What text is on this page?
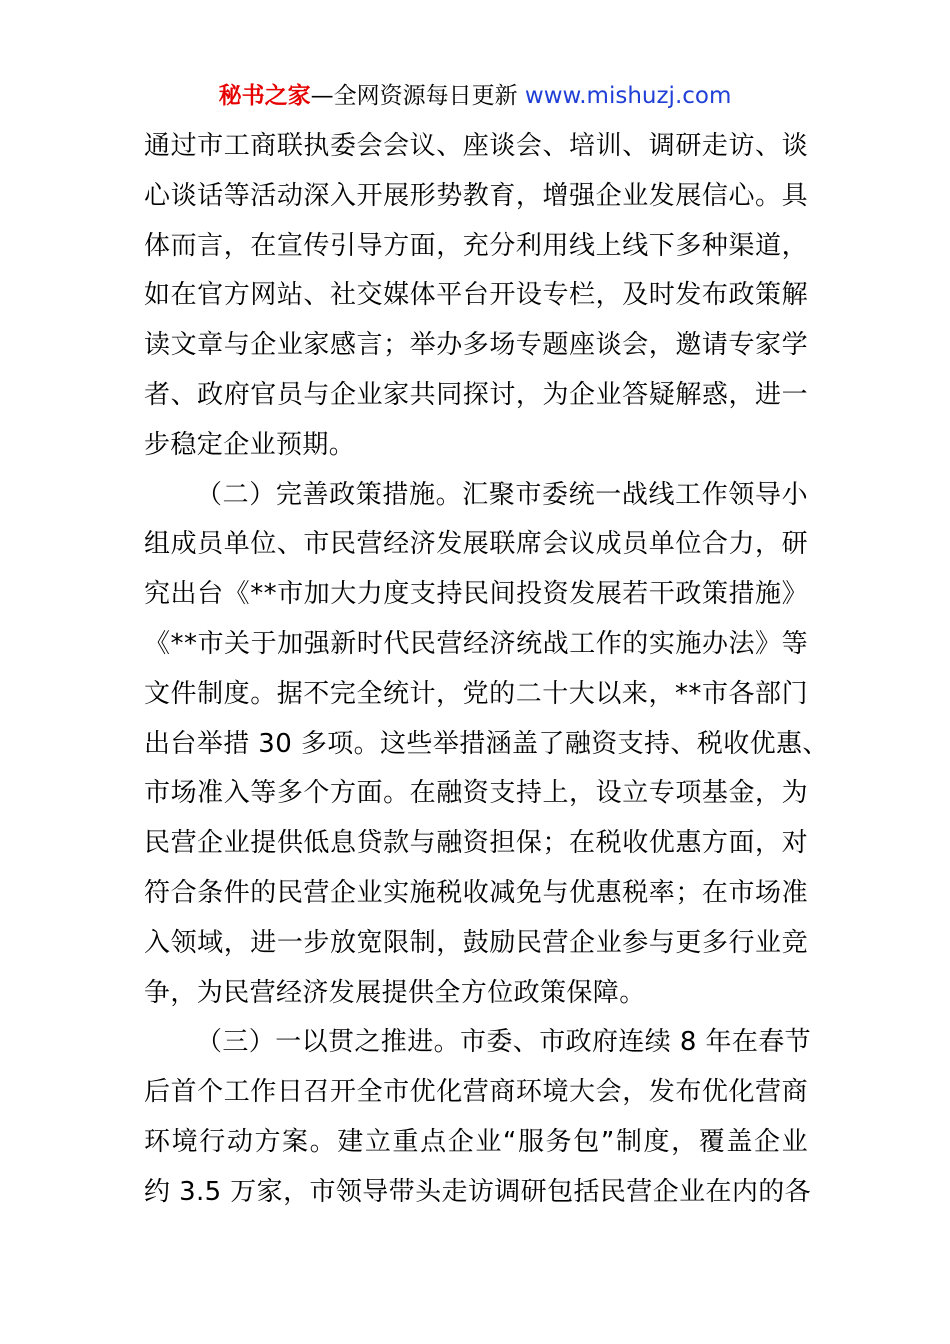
秘书之家—全网资源每日更新 www.mishuzj.com
通过市工商联执委会会议、座谈会、培训、调研走访、谈
心谈话等活动深入开展形势教育，增强企业发展信心。具
体而言，在宣传引导方面，充分利用线上线下多种渠道，
如在官方网站、社交媒体平台开设专栏，及时发布政策解
读文章与企业家感言；举办多场专题座谈会，邀请专家学
者、政府官员与企业家共同探讨，为企业答疑解惑，进一
步稳定企业预期。
（二）完善政策措施。汇聚市委统一战线工作领导小
组成员单位、市民营经济发展联席会议成员单位合力，研
究出台《**市加大力度支持民间投资发展若干政策措施》
《**市关于加强新时代民营经济统战工作的实施办法》等
文件制度。据不完全统计，党的二十大以来，**市各部门
出台举措 30 多项。这些举措涵盖了融资支持、税收优惠、
市场准入等多个方面。在融资支持上，设立专项基金，为
民营企业提供低息贷款与融资担保；在税收优惠方面，对
符合条件的民营企业实施税收减免与优惠税率；在市场准
入领域，进一步放宽限制，鼓励民营企业参与更多行业竞
争，为民营经济发展提供全方位政策保障。
（三）一以贯之推进。市委、市政府连续 8 年在春节
后首个工作日召开全市优化营商环境大会，发布优化营商
环境行动方案。建立重点企业“服务包”制度，覆盖企业
约 3.5 万家，市领导带头走访调研包括民营企业在内的各
